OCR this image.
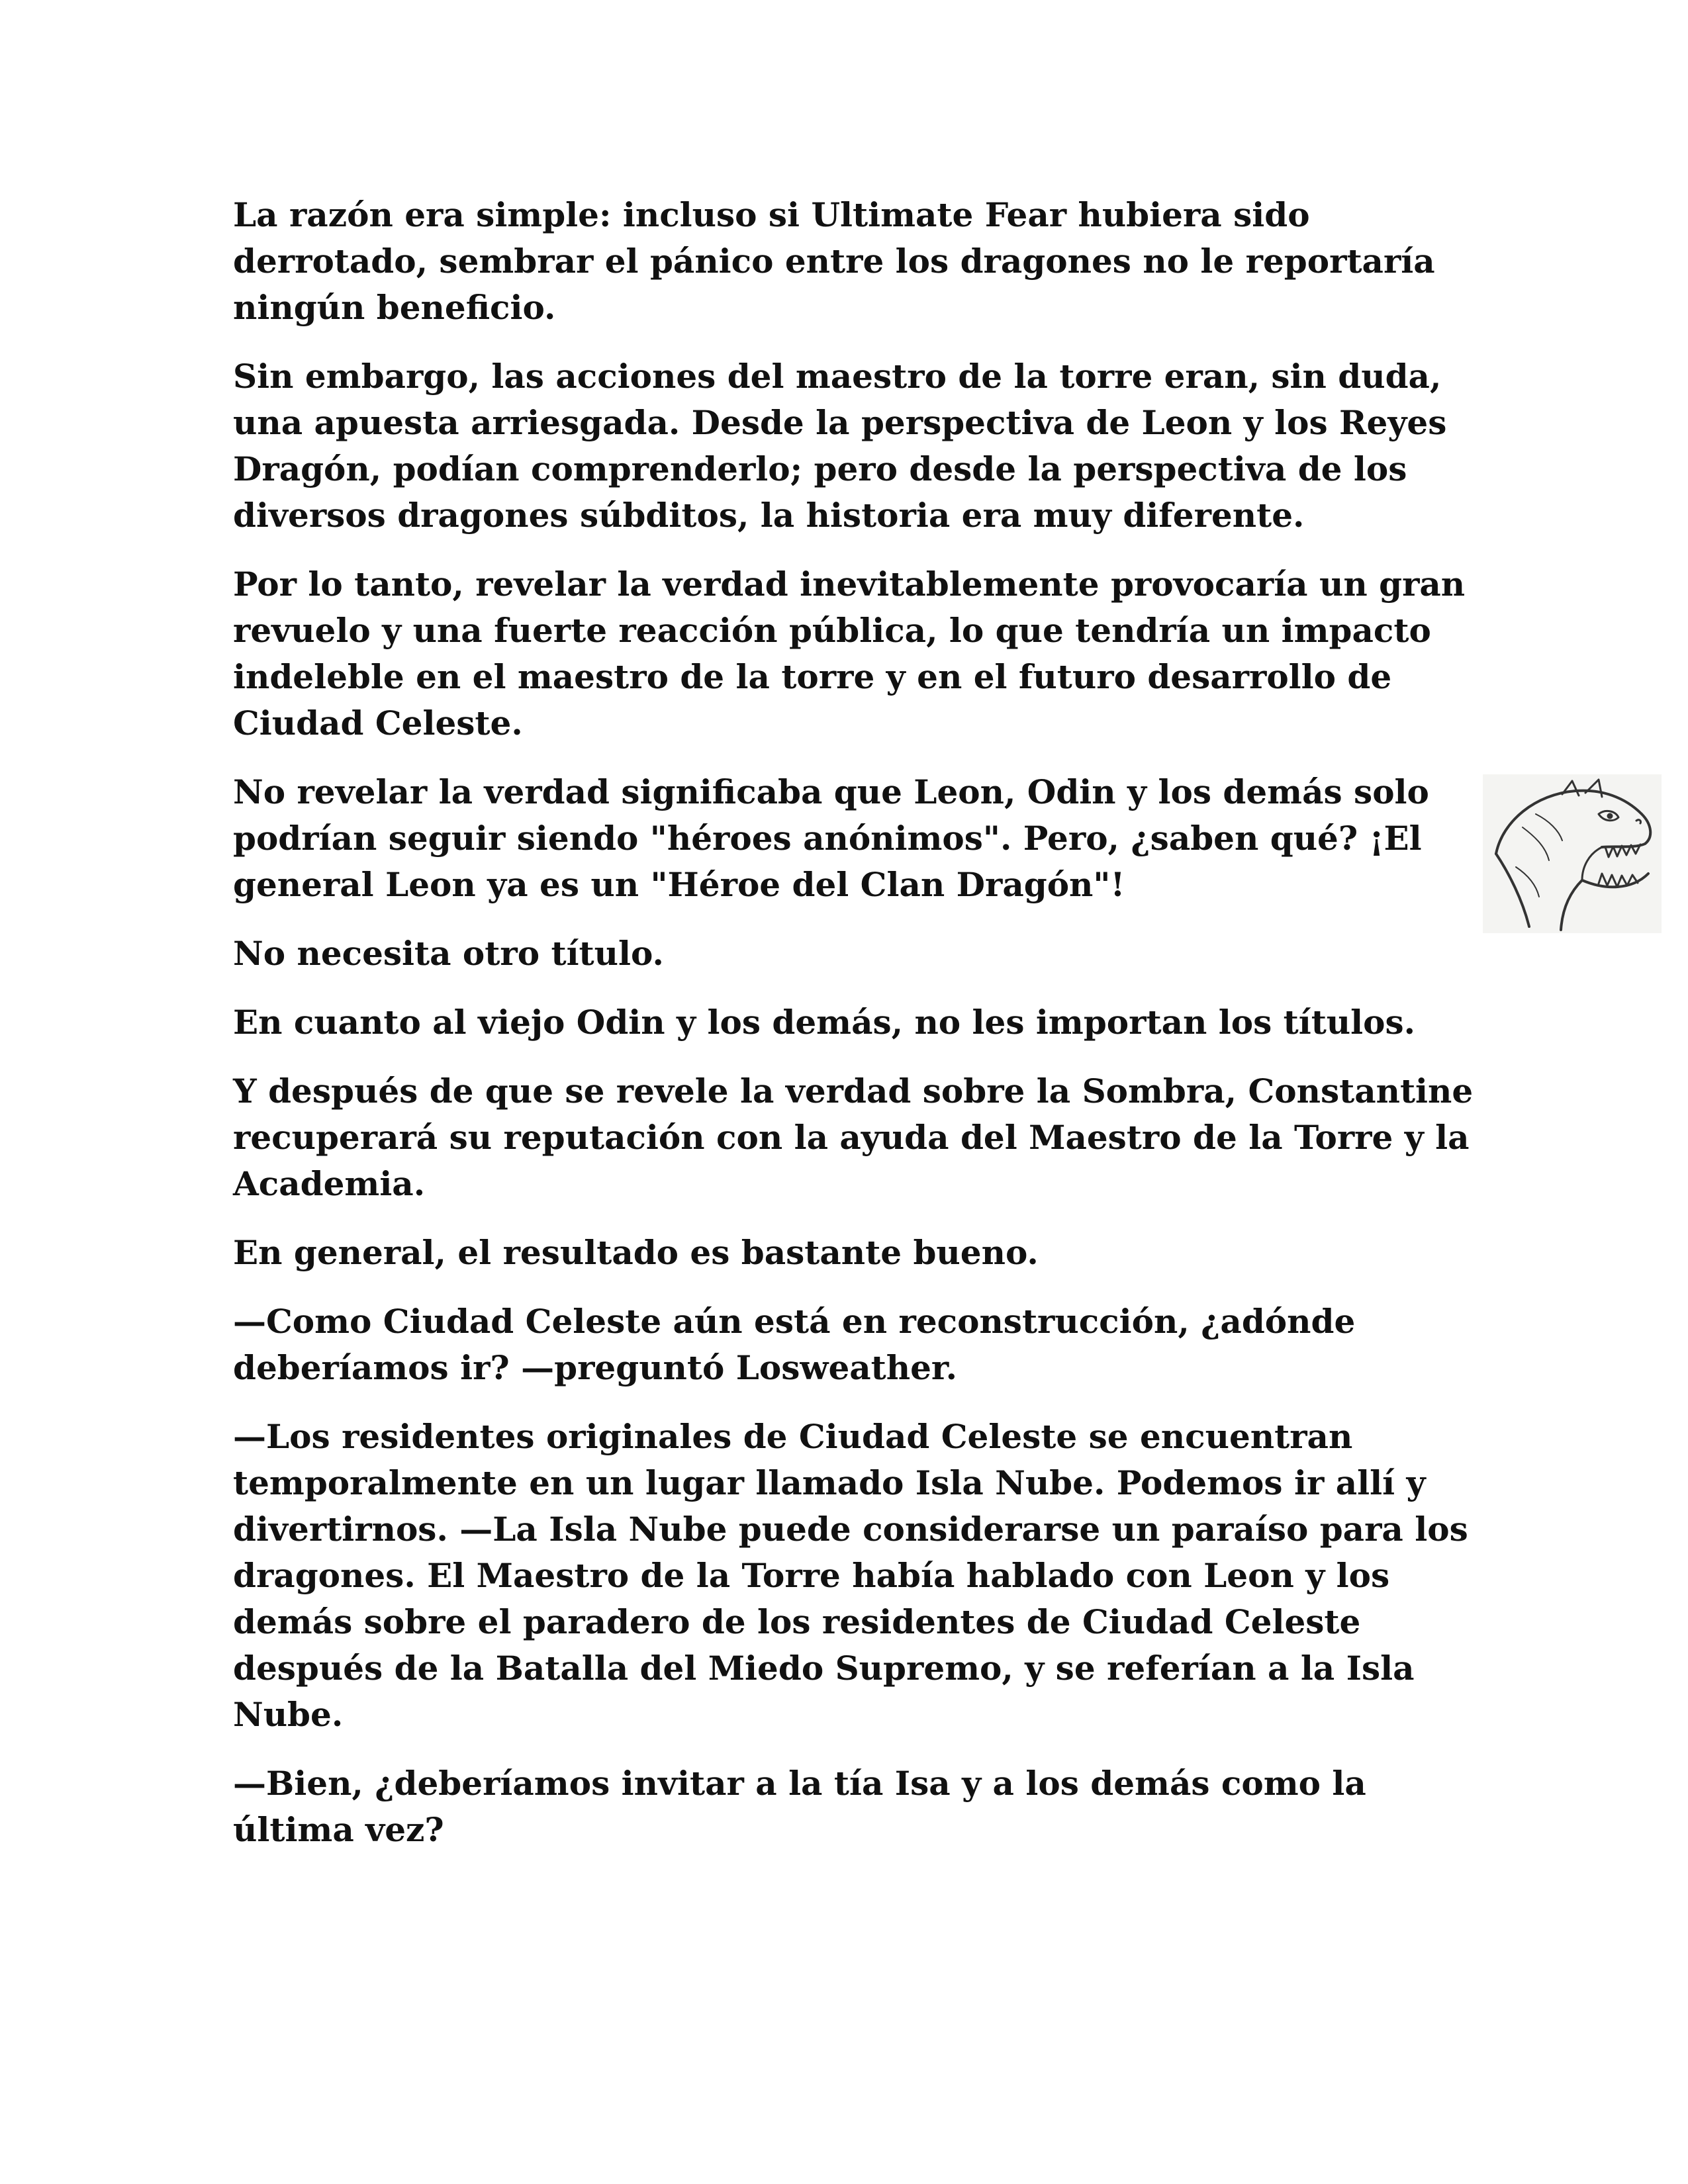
La razón era simple: incluso si Ultimate Fear hubiera sido derrotado, sembrar el pánico entre los dragones no le reportaría ningún beneficio.

Sin embargo, las acciones del maestro de la torre eran, sin duda, una apuesta arriesgada. Desde la perspectiva de Leon y los Reyes Dragón, podían comprenderlo; pero desde la perspectiva de los diversos dragones súbditos, la historia era muy diferente.

Por lo tanto, revelar la verdad inevitablemente provocaría un gran revuelo y una fuerte reacción pública, lo que tendría un impacto indeleble en el maestro de la torre y en el futuro desarrollo de Ciudad Celeste.

No revelar la verdad significaba que Leon, Odin y los demás solo podrían seguir siendo "héroes anónimos". Pero, ¿saben qué? ¡El general Leon ya es un "Héroe del Clan Dragón"!

No necesita otro título.

En cuanto al viejo Odin y los demás, no les importan los títulos.

Y después de que se revele la verdad sobre la Sombra, Constantine recuperará su reputación con la ayuda del Maestro de la Torre y la Academia.

En general, el resultado es bastante bueno.

—Como Ciudad Celeste aún está en reconstrucción, ¿adónde deberíamos ir? —preguntó Losweather.

—Los residentes originales de Ciudad Celeste se encuentran temporalmente en un lugar llamado Isla Nube. Podemos ir allí y divertirnos. —La Isla Nube puede considerarse un paraíso para los dragones. El Maestro de la Torre había hablado con Leon y los demás sobre el paradero de los residentes de Ciudad Celeste después de la Batalla del Miedo Supremo, y se referían a la Isla Nube.

—Bien, ¿deberíamos invitar a la tía Isa y a los demás como la última vez?
